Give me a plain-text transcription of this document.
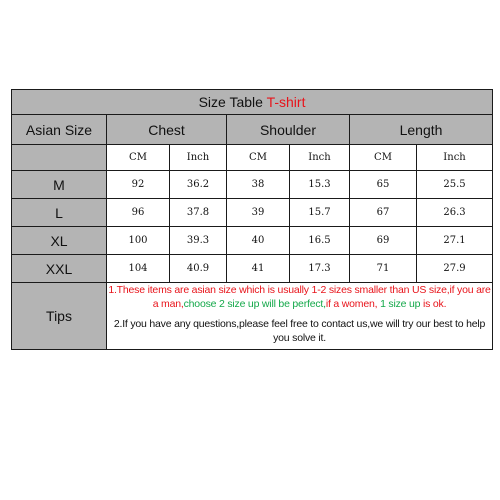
Size Table T-shirt						
Asian Size	Chest		Shoulder		Length	
	CM	Inch	CM	Inch	CM	Inch
M	92	36.2	38	15.3	65	25.5
L	96	37.8	39	15.7	67	26.3
XL	100	39.3	40	16.5	69	27.1
XXL	104	40.9	41	17.3	71	27.9
Tips	1.These items are asian size which is usually 1-2 sizes smaller than US size,if you are a man,choose 2 size up will be perfect,if a women, 1 size up is ok.
2.If you have any questions,please feel free to contact us,we will try our best to help you solve it.					
